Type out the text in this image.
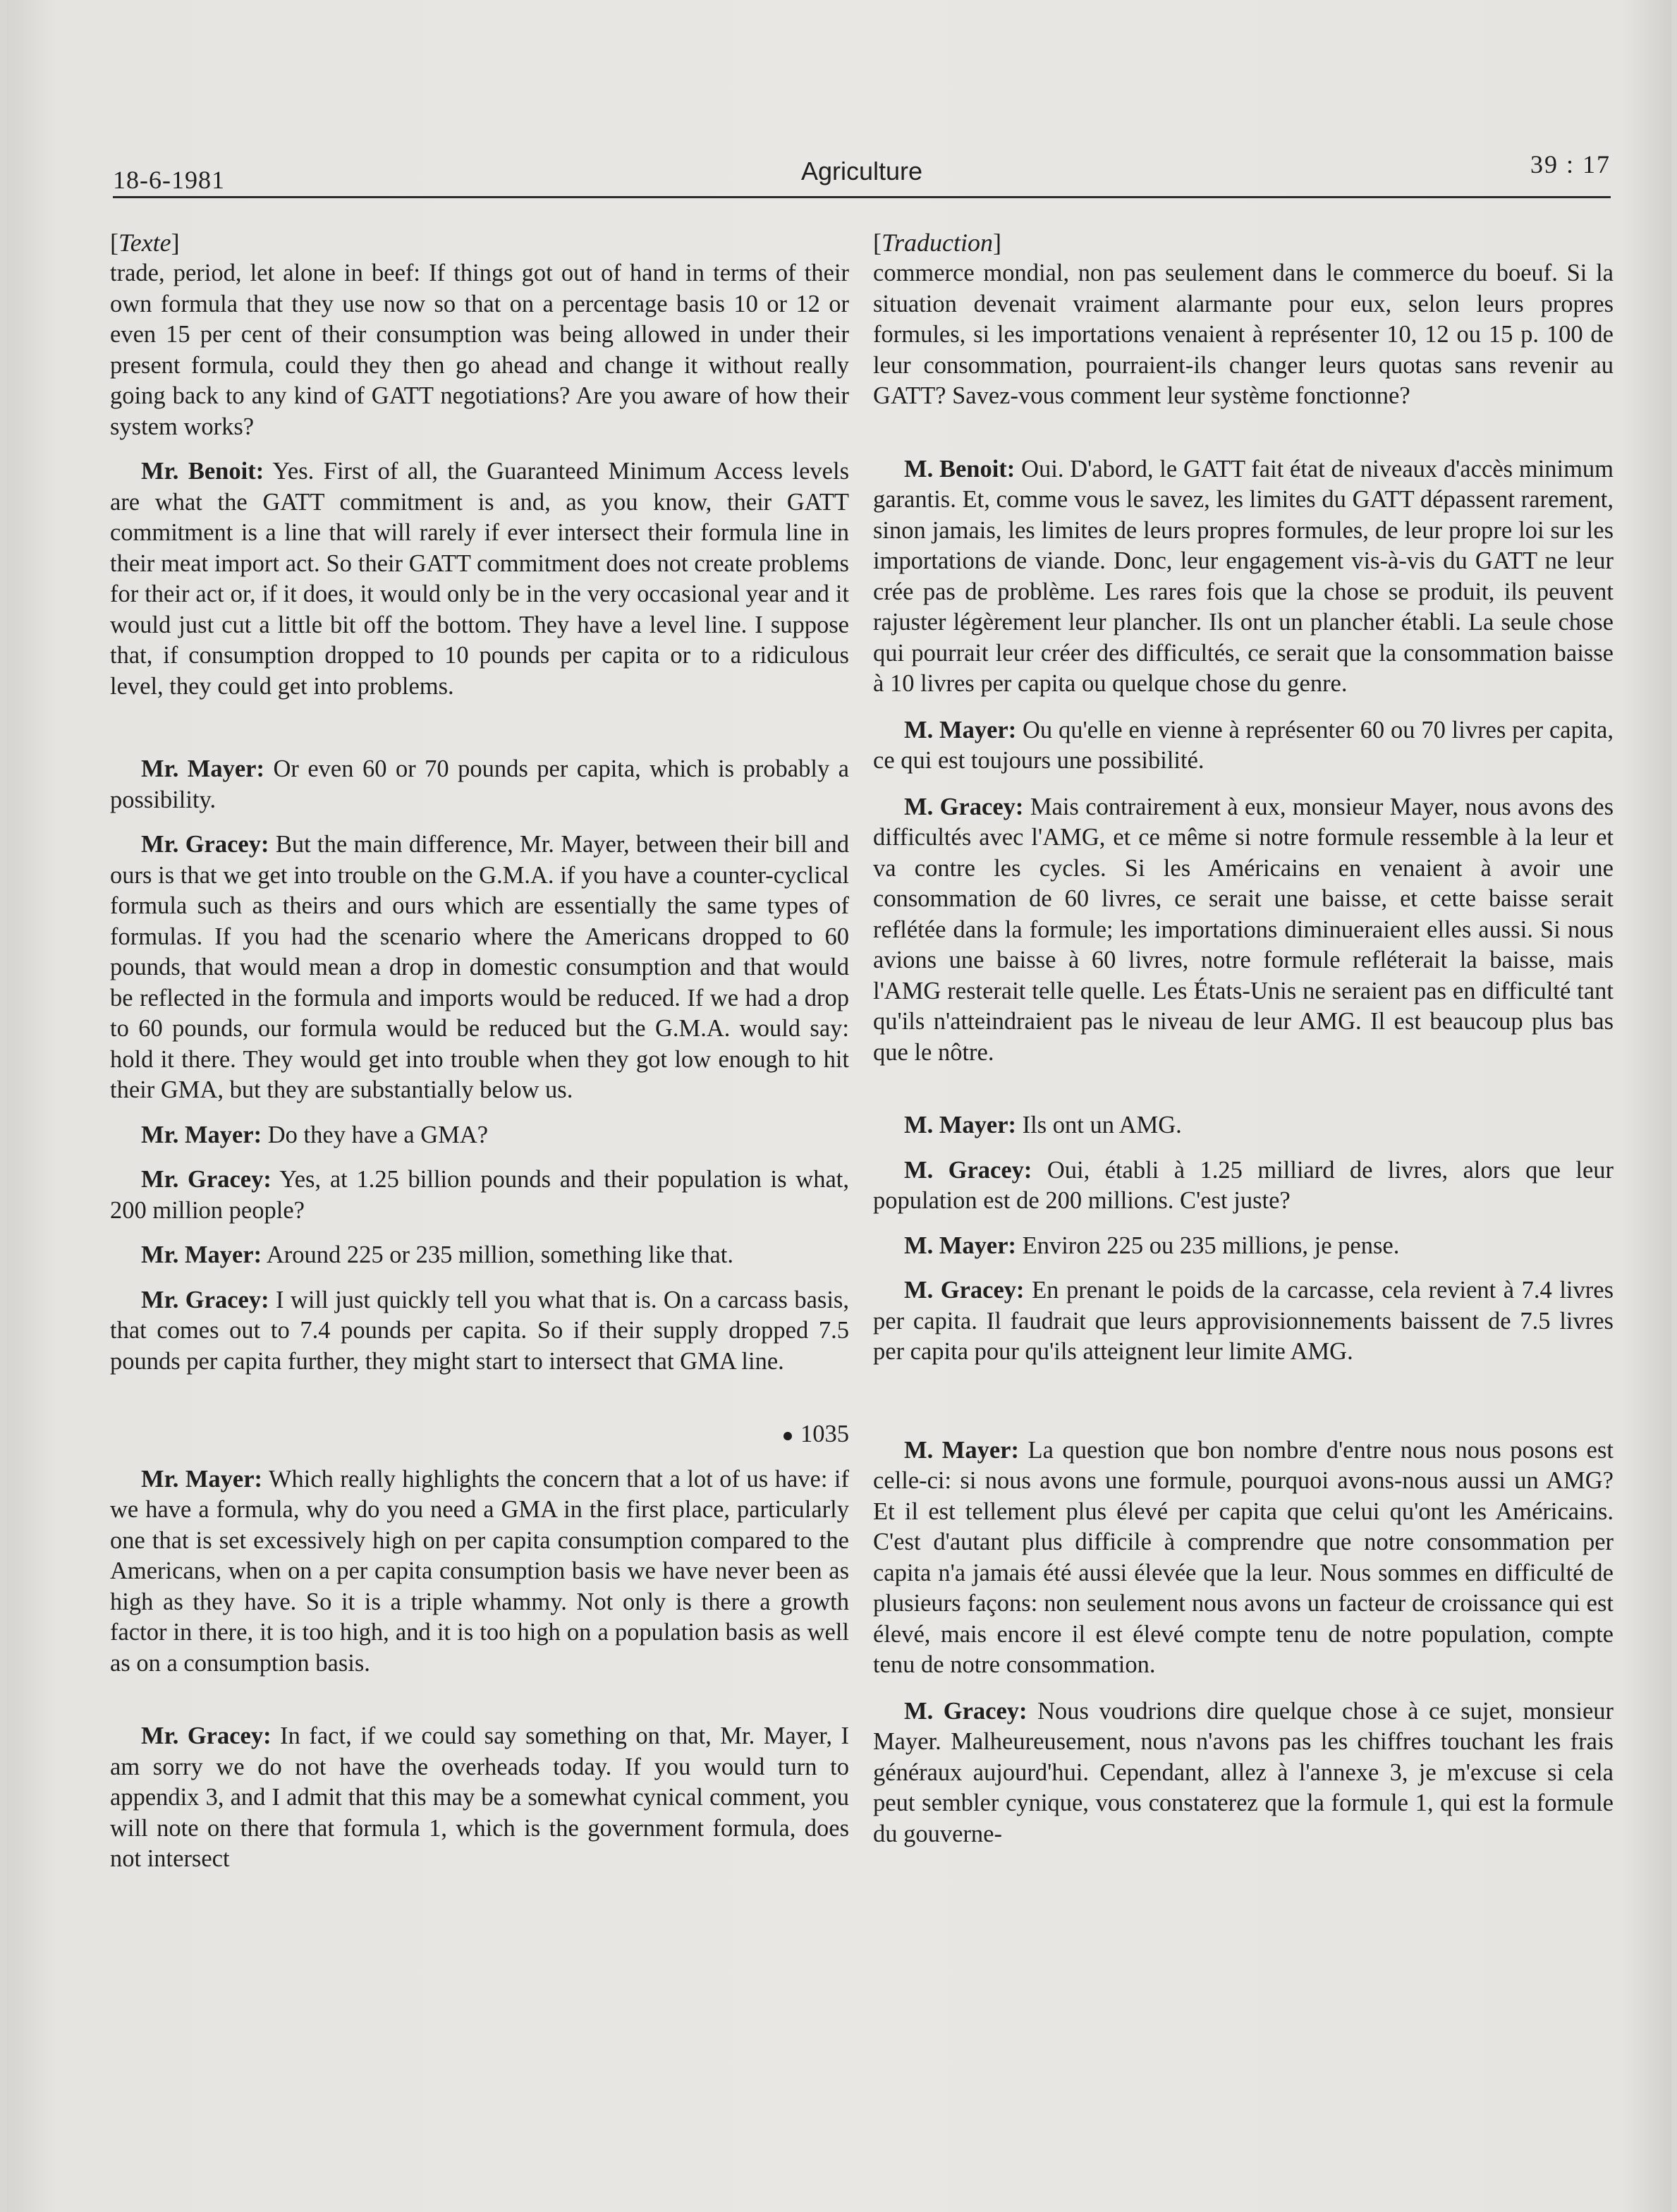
18-6-1981	Agriculture	39 : 17
[Texte]

trade, period, let alone in beef: If things got out of hand in terms of their own formula that they use now so that on a percentage basis 10 or 12 or even 15 per cent of their consumption was being allowed in under their present formula, could they then go ahead and change it without really going back to any kind of GATT negotiations? Are you aware of how their system works?

Mr. Benoit: Yes. First of all, the Guaranteed Minimum Access levels are what the GATT commitment is and, as you know, their GATT commitment is a line that will rarely if ever intersect their formula line in their meat import act. So their GATT commitment does not create problems for their act or, if it does, it would only be in the very occasional year and it would just cut a little bit off the bottom. They have a level line. I suppose that, if consumption dropped to 10 pounds per capita or to a ridiculous level, they could get into problems.

Mr. Mayer: Or even 60 or 70 pounds per capita, which is probably a possibility.

Mr. Gracey: But the main difference, Mr. Mayer, between their bill and ours is that we get into trouble on the G.M.A. if you have a counter-cyclical formula such as theirs and ours which are essentially the same types of formulas. If you had the scenario where the Americans dropped to 60 pounds, that would mean a drop in domestic consumption and that would be reflected in the formula and imports would be reduced. If we had a drop to 60 pounds, our formula would be reduced but the G.M.A. would say: hold it there. They would get into trouble when they got low enough to hit their GMA, but they are substantially below us.

Mr. Mayer: Do they have a GMA?

Mr. Gracey: Yes, at 1.25 billion pounds and their population is what, 200 million people?

Mr. Mayer: Around 225 or 235 million, something like that.

Mr. Gracey: I will just quickly tell you what that is. On a carcass basis, that comes out to 7.4 pounds per capita. So if their supply dropped 7.5 pounds per capita further, they might start to intersect that GMA line.

1035

Mr. Mayer: Which really highlights the concern that a lot of us have: if we have a formula, why do you need a GMA in the first place, particularly one that is set excessively high on per capita consumption compared to the Americans, when on a per capita consumption basis we have never been as high as they have. So it is a triple whammy. Not only is there a growth factor in there, it is too high, and it is too high on a population basis as well as on a consumption basis.

Mr. Gracey: In fact, if we could say something on that, Mr. Mayer, I am sorry we do not have the overheads today. If you would turn to appendix 3, and I admit that this may be a somewhat cynical comment, you will note on there that formula 1, which is the government formula, does not intersect

[Traduction]

commerce mondial, non pas seulement dans le commerce du boeuf. Si la situation devenait vraiment alarmante pour eux, selon leurs propres formules, si les importations venaient à représenter 10, 12 ou 15 p. 100 de leur consommation, pourraient-ils changer leurs quotas sans revenir au GATT? Savez-vous comment leur système fonctionne?

M. Benoit: Oui. D'abord, le GATT fait état de niveaux d'accès minimum garantis. Et, comme vous le savez, les limites du GATT dépassent rarement, sinon jamais, les limites de leurs propres formules, de leur propre loi sur les importations de viande. Donc, leur engagement vis-à-vis du GATT ne leur crée pas de problème. Les rares fois que la chose se produit, ils peuvent rajuster légèrement leur plancher. Ils ont un plancher établi. La seule chose qui pourrait leur créer des difficultés, ce serait que la consommation baisse à 10 livres per capita ou quelque chose du genre.

M. Mayer: Ou qu'elle en vienne à représenter 60 ou 70 livres per capita, ce qui est toujours une possibilité.

M. Gracey: Mais contrairement à eux, monsieur Mayer, nous avons des difficultés avec l'AMG, et ce même si notre formule ressemble à la leur et va contre les cycles. Si les Américains en venaient à avoir une consommation de 60 livres, ce serait une baisse, et cette baisse serait reflétée dans la formule; les importations diminueraient elles aussi. Si nous avions une baisse à 60 livres, notre formule refléterait la baisse, mais l'AMG resterait telle quelle. Les États-Unis ne seraient pas en difficulté tant qu'ils n'atteindraient pas le niveau de leur AMG. Il est beaucoup plus bas que le nôtre.

M. Mayer: Ils ont un AMG.

M. Gracey: Oui, établi à 1.25 milliard de livres, alors que leur population est de 200 millions. C'est juste?

M. Mayer: Environ 225 ou 235 millions, je pense.

M. Gracey: En prenant le poids de la carcasse, cela revient à 7.4 livres per capita. Il faudrait que leurs approvisionnements baissent de 7.5 livres per capita pour qu'ils atteignent leur limite AMG.

M. Mayer: La question que bon nombre d'entre nous nous posons est celle-ci: si nous avons une formule, pourquoi avons-nous aussi un AMG? Et il est tellement plus élevé per capita que celui qu'ont les Américains. C'est d'autant plus difficile à comprendre que notre consommation per capita n'a jamais été aussi élevée que la leur. Nous sommes en difficulté de plusieurs façons: non seulement nous avons un facteur de croissance qui est élevé, mais encore il est élevé compte tenu de notre population, compte tenu de notre consommation.

M. Gracey: Nous voudrions dire quelque chose à ce sujet, monsieur Mayer. Malheureusement, nous n'avons pas les chiffres touchant les frais généraux aujourd'hui. Cependant, allez à l'annexe 3, je m'excuse si cela peut sembler cynique, vous constaterez que la formule 1, qui est la formule du gouverne-
